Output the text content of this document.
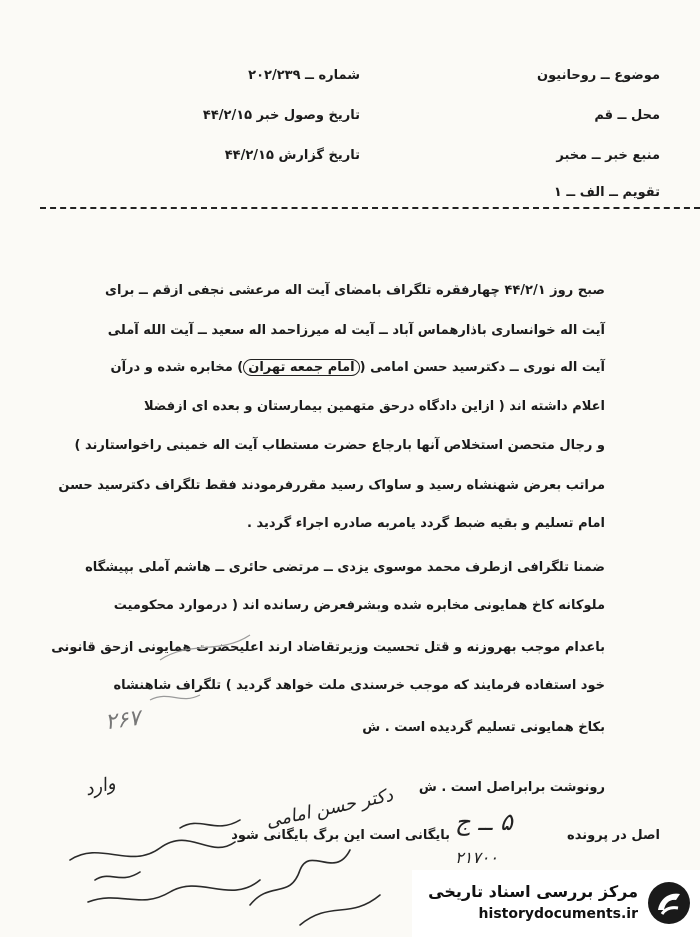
موضوع ــ روحانیون
محل ــ قم
منبع خبر ــ مخبر
تقویم ــ الف ــ ۱
شماره ــ ۲۰۲/۲۳۹
تاریخ وصول خبر ۴۴/۲/۱۵
تاریخ گزارش ۴۴/۲/۱۵
صبح روز ۴۴/۲/۱ چهارفقره تلگراف بامضای آیت اله مرعشی نجفی ازقم ــ برای
آیت اله خوانساری باذارهماس آباد ــ آیت له میرزاحمد اله سعید ــ آیت الله آملی
آیت اله نوری ــ دکترسید حسن امامی (امام جمعه تهران) مخابره شده و درآن
اعلام داشته اند ( ازاین دادگاه درحق متهمین بیمارستان و بعده ای ازفضلا
و رجال متحصن استخلاص آنها بارجاع حضرت مستطاب آیت اله خمینی راخواستارند )
مراتب بعرض شهنشاه رسید و ساواک رسید مقررفرمودند فقط تلگراف دکترسید حسن
امام تسلیم و بقیه ضبط گردد یامربه صادره اجراء گردید .
ضمنا تلگرافی ازطرف محمد موسوی یزدی ــ مرتضی حائری ــ هاشم آملی بپیشگاه
ملوکانه کاخ همایونی مخابره شده وبشرفعرض رسانده اند ( درموارد محکومیت
باعدام موجب بهروزنه و قتل تحسیت وزیرتقاضاد ارند اعلیحضرت همایونی ازحق قانونی
خود استفاده فرمایند که موجب خرسندی ملت خواهد گردید ) تلگراف شاهنشاه
بکاخ همایونی تسلیم گردیده است . ش
رونوشت برابراصل است . ش
اصل در پرونده
بایگانی است این برگ بایگانی شود ۵ ــ ج
۲۱۷۰۰
۲۶۷
دکتر حسن امامی
وارد
مرکز بررسی اسناد تاریخی
historydocuments.ir
